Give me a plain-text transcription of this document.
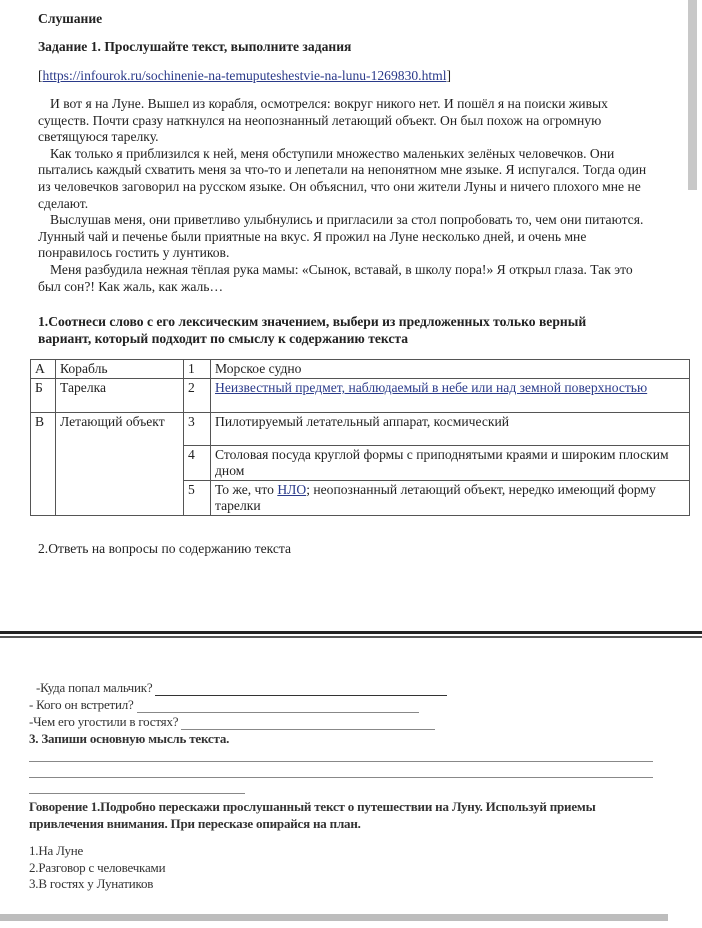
Слушание
Задание 1. Прослушайте текст, выполните задания
[https://infourok.ru/sochinenie-na-temuputeshestvie-na-lunu-1269830.html]

И вот я на Луне. Вышел из корабля, осмотрелся: вокруг никого нет. И пошёл я на поиски живых существ. Почти сразу наткнулся на неопознанный летающий объект. Он был похож на огромную светящуюся тарелку.

Как только я приблизился к ней, меня обступили множество маленьких зелёных человечков. Они пытались каждый схватить меня за что-то и лепетали на непонятном мне языке. Я испугался. Тогда один из человечков заговорил на русском языке. Он объяснил, что они жители Луны и ничего плохого мне не сделают.

Выслушав меня, они приветливо улыбнулись и пригласили за стол попробовать то, чем они питаются. Лунный чай и печенье были приятные на вкус. Я прожил на Луне несколько дней, и очень мне понравилось гостить у лунтиков.

Меня разбудила нежная тёплая рука мамы: «Сынок, вставай, в школу пора!» Я открыл глаза. Так это был сон?! Как жаль, как жаль…

1.Соотнеси слово с его лексическим значением, выбери из предложенных только верный вариант, который подходит по смыслу к содержанию текста
А	Корабль	1	Морское судно
Б	Тарелка	2	Неизвестный предмет, наблюдаемый в небе или над земной поверхностью
В	Летающий объект	3	Пилотируемый летательный аппарат, космический
		4	Столовая посуда круглой формы с приподнятыми краями и широким плоским дном
		5	То же, что НЛО; неопознанный летающий объект, нередко имеющий форму тарелки
2.Ответь на вопросы по содержанию текста
-Куда попал мальчик?
- Кого он встретил?
-Чем его угостили в гостях?
3. Запиши основную мысль текста.
Говорение 1.Подробно перескажи прослушанный текст о путешествии на Луну. Используй приемы привлечения внимания. При пересказе опирайся на план.
1.На Луне
2.Разговор с человечками
3.В гостях у Лунатиков
